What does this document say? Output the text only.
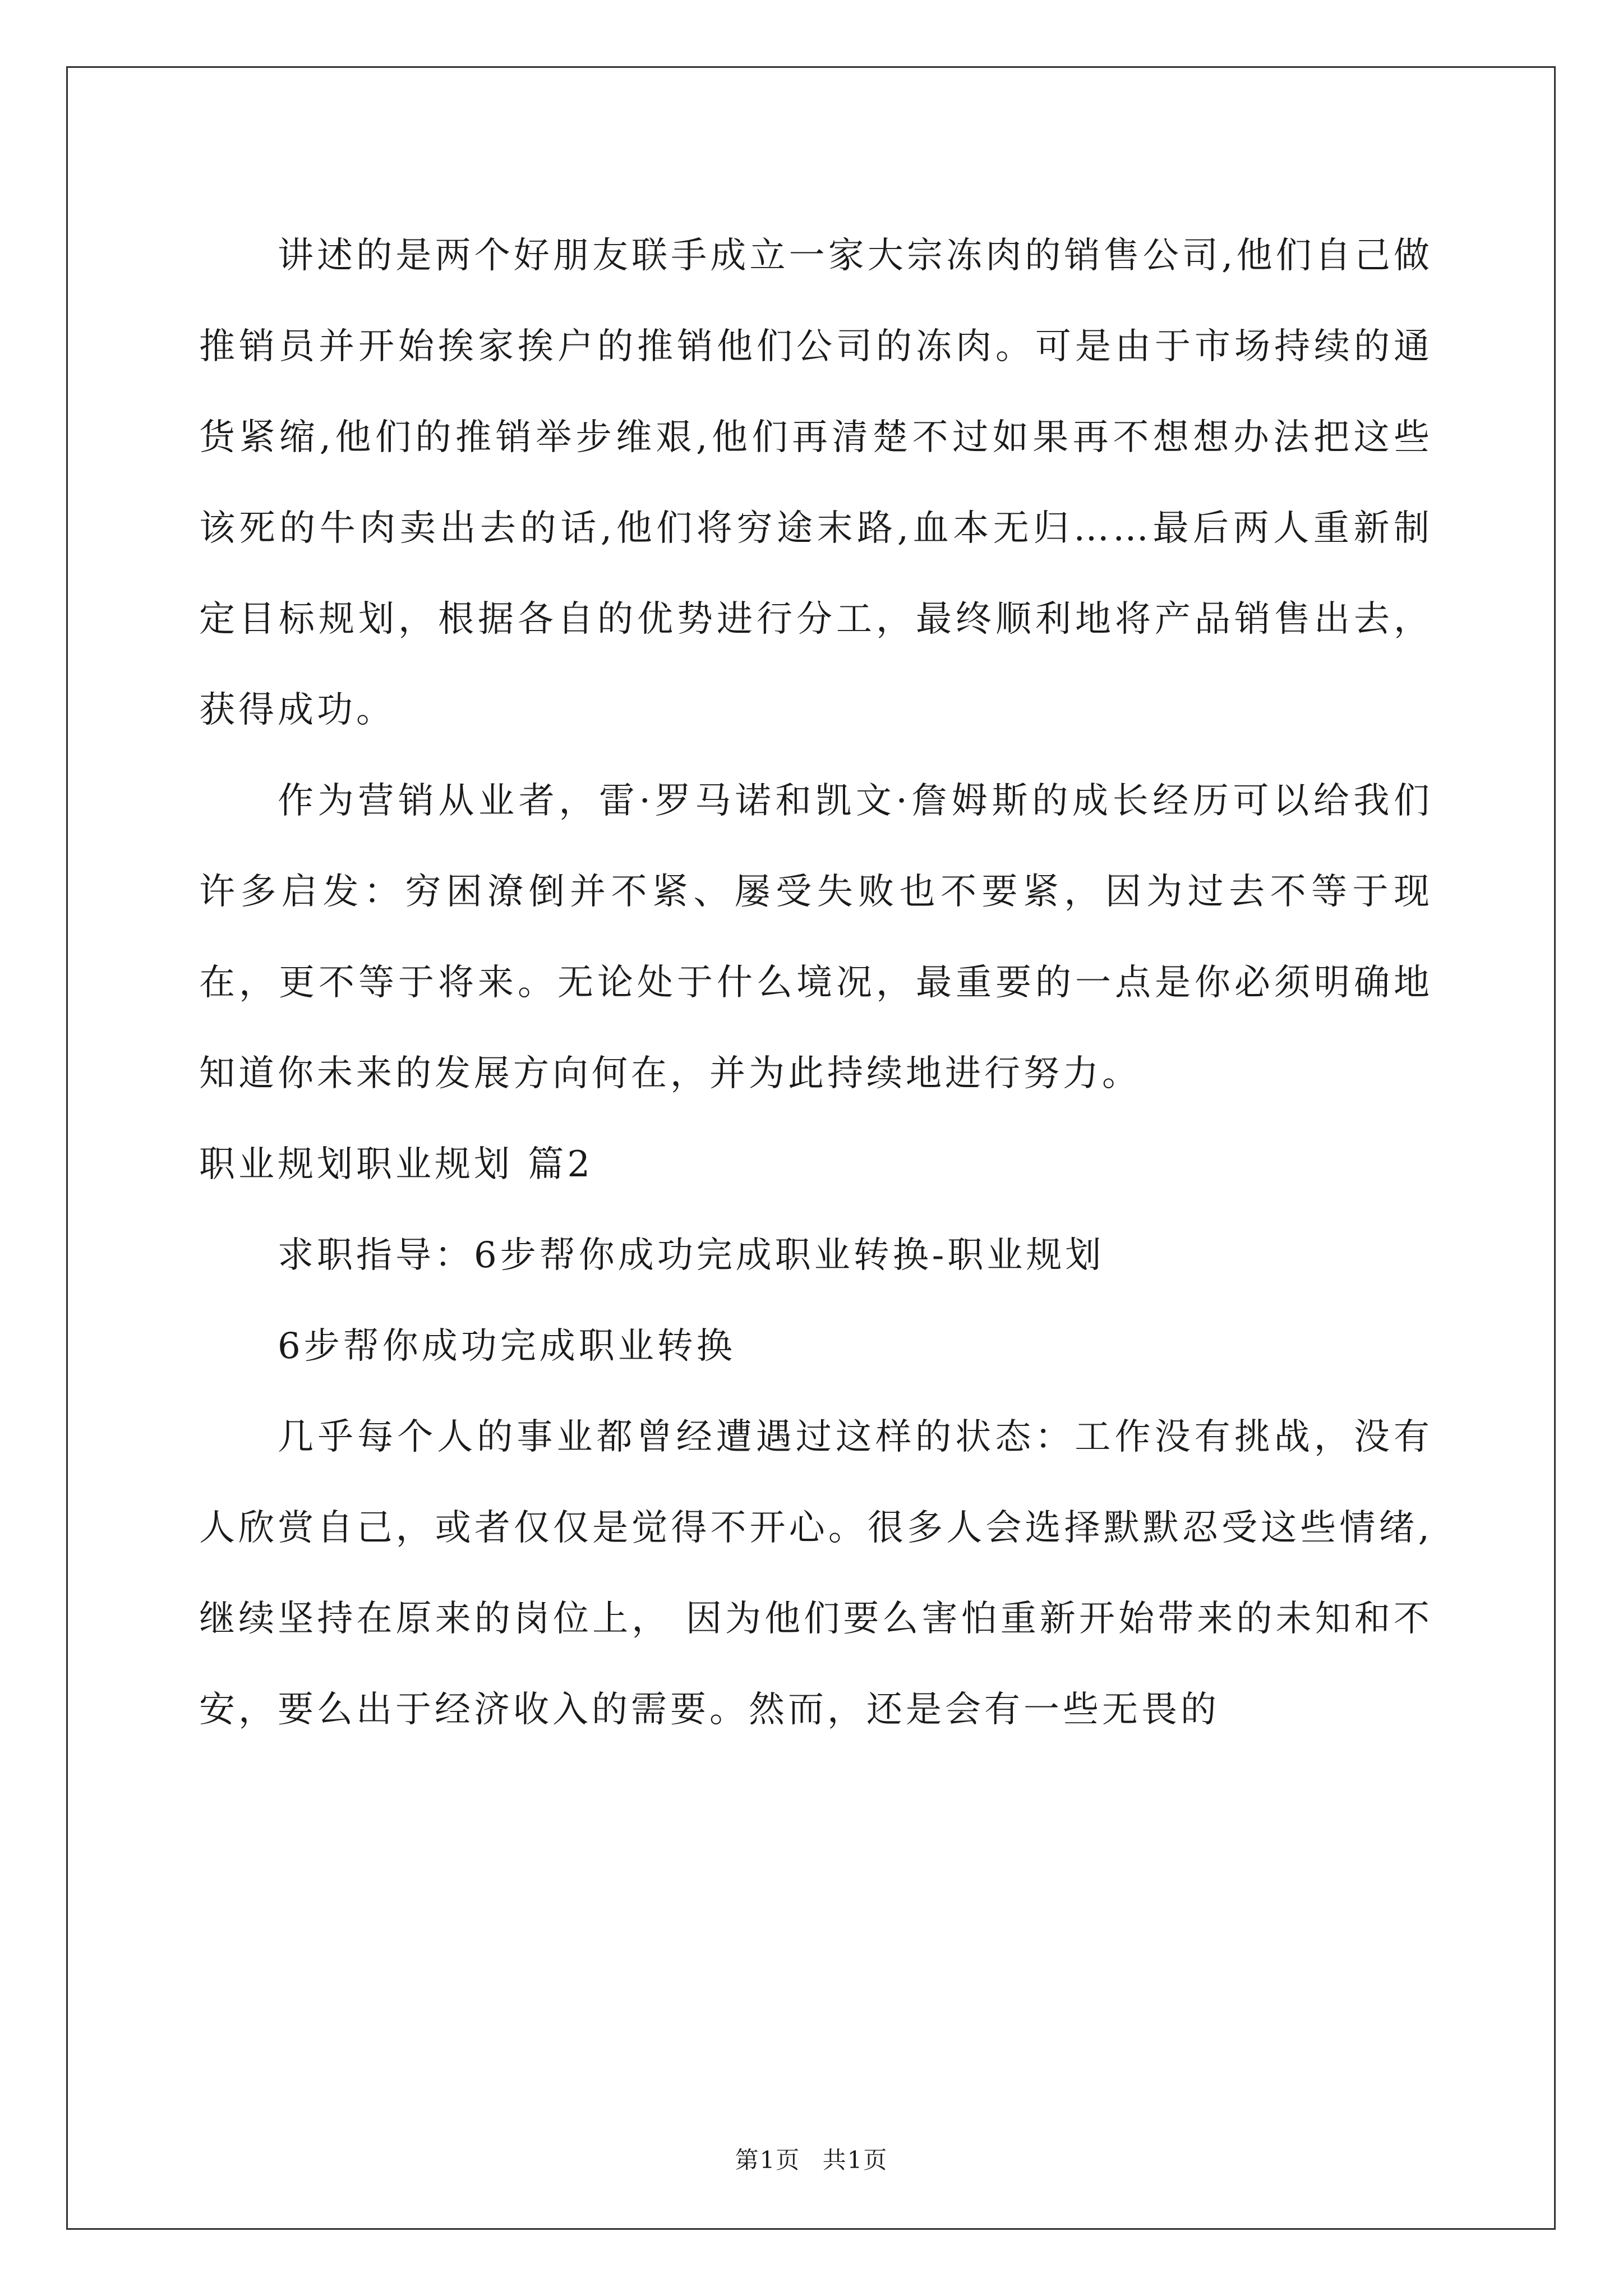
讲述的是两个好朋友联手成立一家大宗冻肉的销售公司,他们自己做推销员并开始挨家挨户的推销他们公司的冻肉。可是由于市场持续的通货紧缩,他们的推销举步维艰,他们再清楚不过如果再不想想办法把这些该死的牛肉卖出去的话,他们将穷途末路,血本无归……最后两人重新制定目标规划，根据各自的优势进行分工，最终顺利地将产品销售出去，获得成功。

作为营销从业者，雷·罗马诺和凯文·詹姆斯的成长经历可以给我们许多启发：穷困潦倒并不紧、屡受失败也不要紧，因为过去不等于现在，更不等于将来。无论处于什么境况，最重要的一点是你必须明确地知道你未来的发展方向何在，并为此持续地进行努力。

职业规划职业规划 篇2

求职指导：6步帮你成功完成职业转换-职业规划

6步帮你成功完成职业转换

几乎每个人的事业都曾经遭遇过这样的状态：工作没有挑战，没有人欣赏自己，或者仅仅是觉得不开心。很多人会选择默默忍受这些情绪,继续坚持在原来的岗位上， 因为他们要么害怕重新开始带来的未知和不安，要么出于经济收入的需要。然而，还是会有一些无畏的

第1页 共1页
